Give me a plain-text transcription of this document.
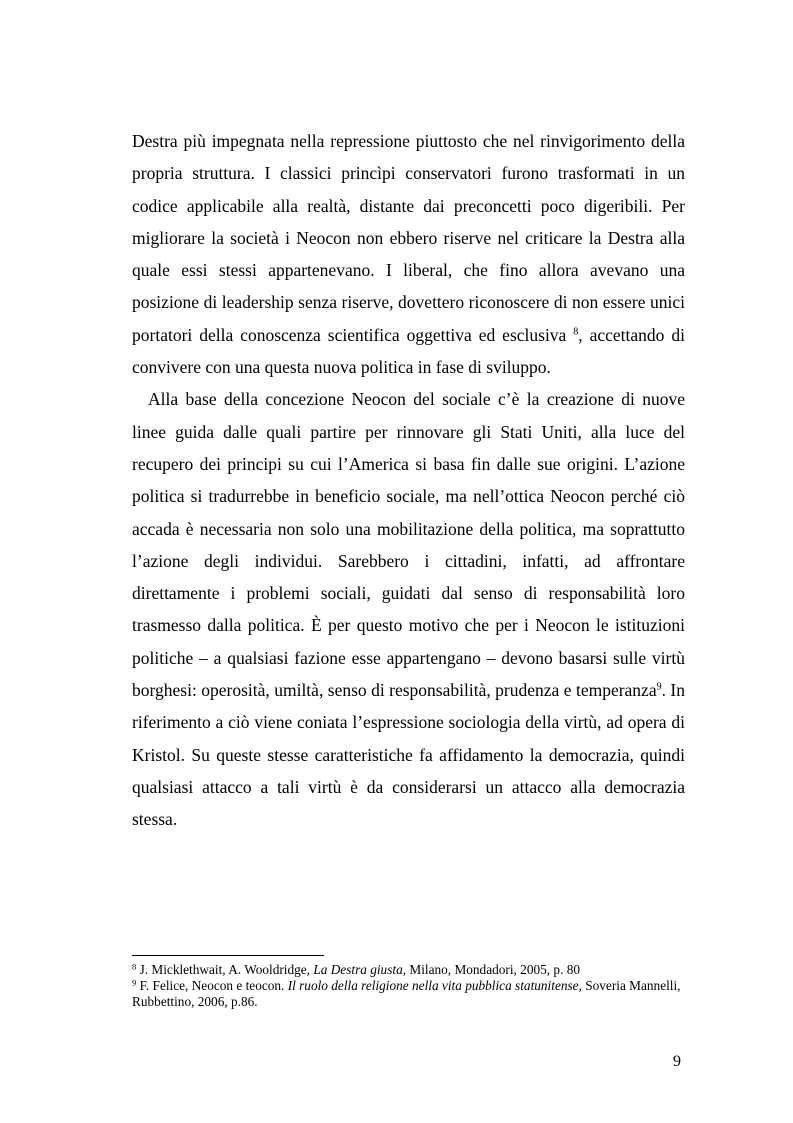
Destra più impegnata nella repressione piuttosto che nel rinvigorimento della propria struttura. I classici princìpi conservatori furono trasformati in un codice applicabile alla realtà, distante dai preconcetti poco digeribili. Per migliorare la società i Neocon non ebbero riserve nel criticare la Destra alla quale essi stessi appartenevano. I liberal, che fino allora avevano una posizione di leadership senza riserve, dovettero riconoscere di non essere unici portatori della conoscenza scientifica oggettiva ed esclusiva $^8$, accettando di convivere con una questa nuova politica in fase di sviluppo.

Alla base della concezione Neocon del sociale c’è la creazione di nuove linee guida dalle quali partire per rinnovare gli Stati Uniti, alla luce del recupero dei principi su cui l’America si basa fin dalle sue origini. L’azione politica si tradurrebbe in beneficio sociale, ma nell’ottica Neocon perché ciò accada è necessaria non solo una mobilitazione della politica, ma soprattutto l’azione degli individui. Sarebbero i cittadini, infatti, ad affrontare direttamente i problemi sociali, guidati dal senso di responsabilità loro trasmesso dalla politica. È per questo motivo che per i Neocon le istituzioni politiche – a qualsiasi fazione esse appartengano – devono basarsi sulle virtù borghesi: operosità, umiltà, senso di responsabilità, prudenza e temperanza$^9$. In riferimento a ciò viene coniata l’espressione sociologia della virtù, ad opera di Kristol. Su queste stesse caratteristiche fa affidamento la democrazia, quindi qualsiasi attacco a tali virtù è da considerarsi un attacco alla democrazia stessa.

$^8$ J. Micklethwait, A. Wooldridge, La Destra giusta, Milano, Mondadori, 2005, p. 80

$^9$ F. Felice, Neocon e teocon. Il ruolo della religione nella vita pubblica statunitense, Soveria Mannelli, Rubbettino, 2006, p.86.

9
